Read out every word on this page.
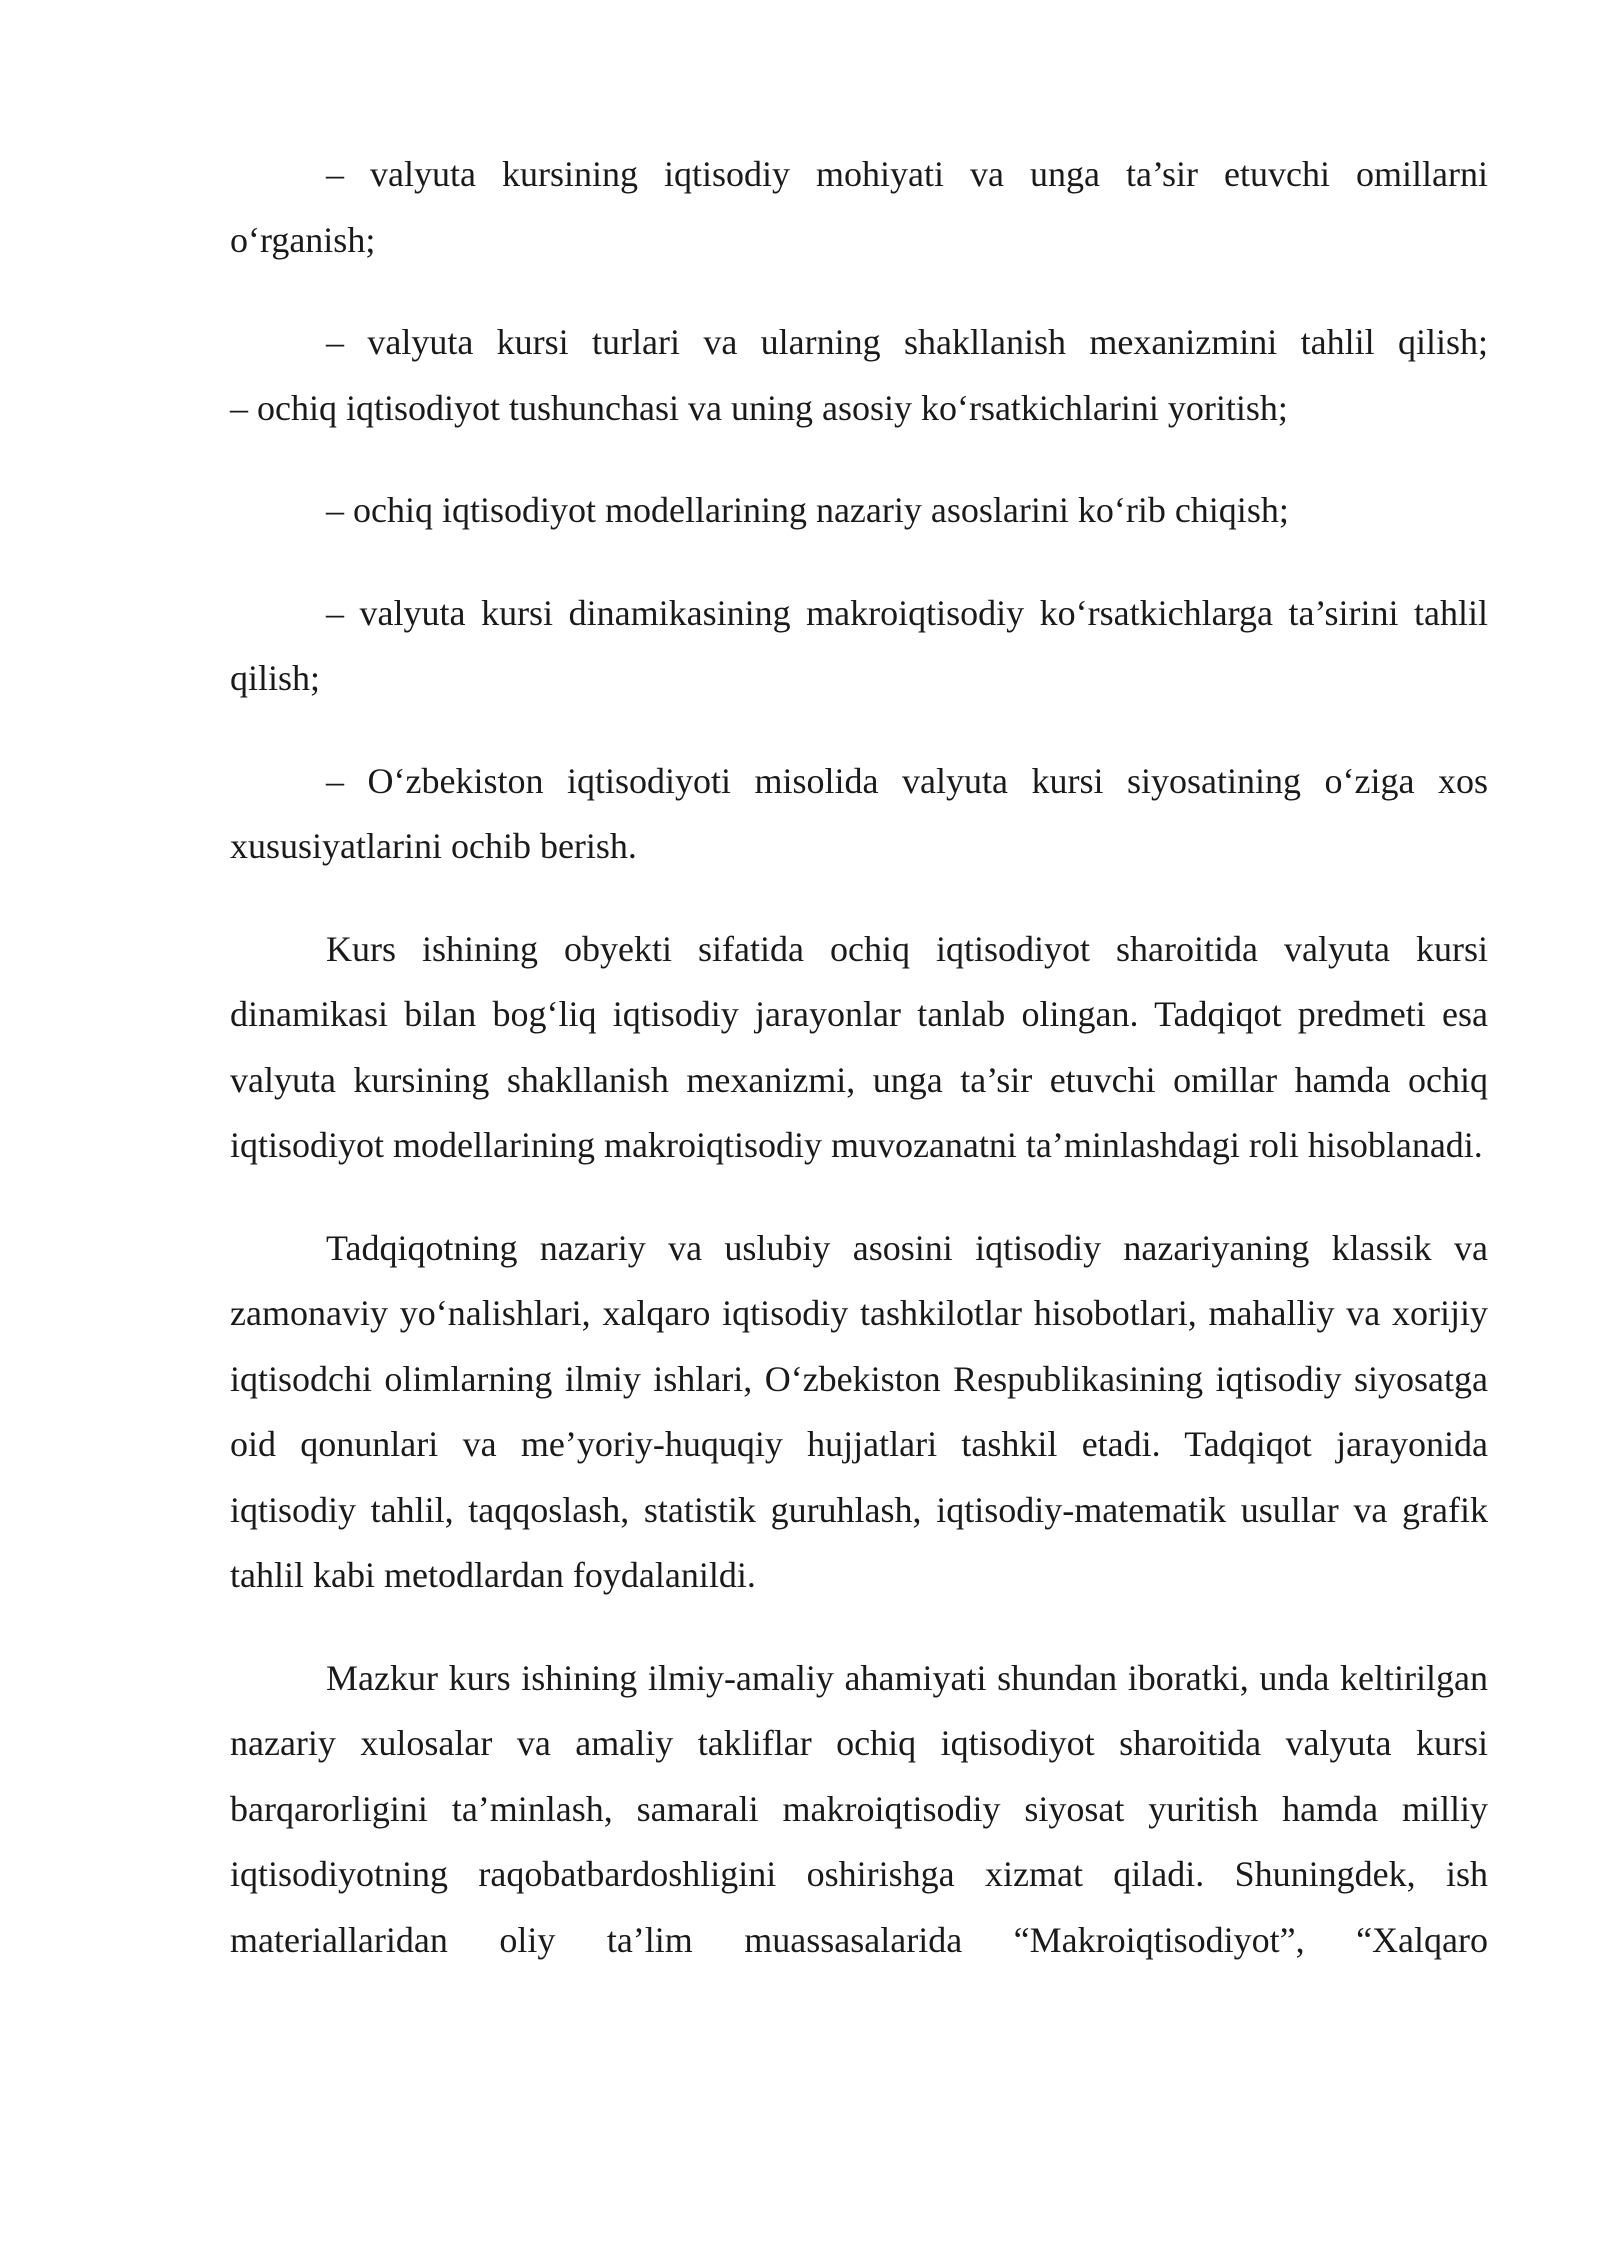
– valyuta kursining iqtisodiy mohiyati va unga ta’sir etuvchi omillarni o‘rganish;

– valyuta kursi turlari va ularning shakllanish mexanizmini tahlil qilish;
– ochiq iqtisodiyot tushunchasi va uning asosiy ko‘rsatkichlarini yoritish;

– ochiq iqtisodiyot modellarining nazariy asoslarini ko‘rib chiqish;

– valyuta kursi dinamikasining makroiqtisodiy ko‘rsatkichlarga ta’sirini tahlil qilish;

– O‘zbekiston iqtisodiyoti misolida valyuta kursi siyosatining o‘ziga xos xususiyatlarini ochib berish.

Kurs ishining obyekti sifatida ochiq iqtisodiyot sharoitida valyuta kursi dinamikasi bilan bog‘liq iqtisodiy jarayonlar tanlab olingan. Tadqiqot predmeti esa valyuta kursining shakllanish mexanizmi, unga ta’sir etuvchi omillar hamda ochiq iqtisodiyot modellarining makroiqtisodiy muvozanatni ta’minlashdagi roli hisoblanadi.

Tadqiqotning nazariy va uslubiy asosini iqtisodiy nazariyaning klassik va zamonaviy yo‘nalishlari, xalqaro iqtisodiy tashkilotlar hisobotlari, mahalliy va xorijiy iqtisodchi olimlarning ilmiy ishlari, O‘zbekiston Respublikasining iqtisodiy siyosatga oid qonunlari va me’yoriy-huquqiy hujjatlari tashkil etadi. Tadqiqot jarayonida iqtisodiy tahlil, taqqoslash, statistik guruhlash, iqtisodiy-matematik usullar va grafik tahlil kabi metodlardan foydalanildi.

Mazkur kurs ishining ilmiy-amaliy ahamiyati shundan iboratki, unda keltirilgan nazariy xulosalar va amaliy takliflar ochiq iqtisodiyot sharoitida valyuta kursi barqarorligini ta’minlash, samarali makroiqtisodiy siyosat yuritish hamda milliy iqtisodiyotning raqobatbardoshligini oshirishga xizmat qiladi. Shuningdek, ish materiallaridan oliy ta’lim muassasalarida “Makroiqtisodiyot”, “Xalqaro
